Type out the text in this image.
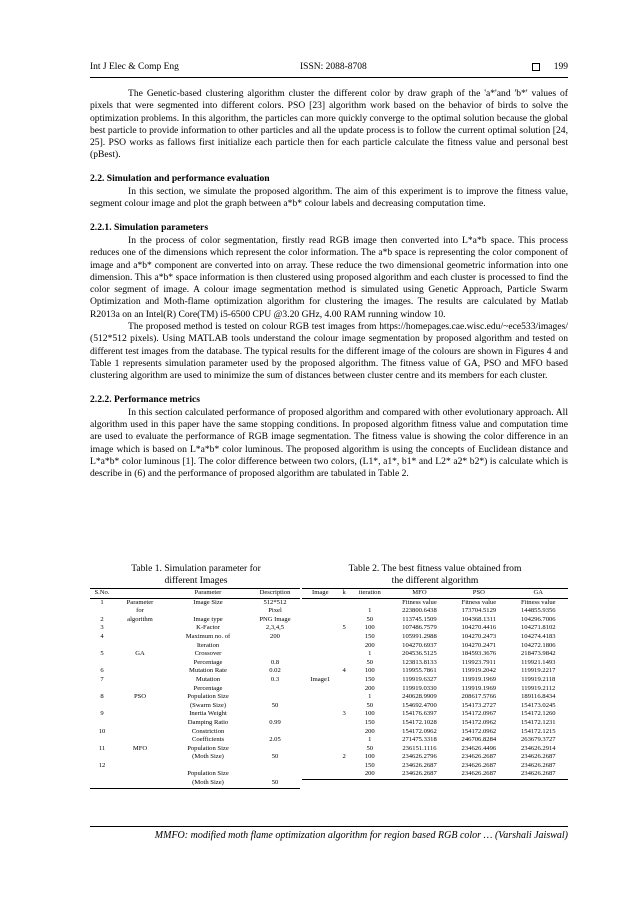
Int J Elec & Comp Eng	ISSN: 2088-8708	199

The Genetic-based clustering algorithm cluster the different color by draw graph of the 'a*'and 'b*' values of pixels that were segmented into different colors. PSO [23] algorithm work based on the behavior of birds to solve the optimization problems. In this algorithm, the particles can more quickly converge to the optimal solution because the global best particle to provide information to other particles and all the update process is to follow the current optimal solution [24, 25]. PSO works as fallows first initialize each particle then for each particle calculate the fitness value and personal best (pBest).

2.2. Simulation and performance evaluation

In this section, we simulate the proposed algorithm. The aim of this experiment is to improve the fitness value, segment colour image and plot the graph between a*b* colour labels and decreasing computation time.

2.2.1. Simulation parameters

In the process of color segmentation, firstly read RGB image then converted into L*a*b space. This process reduces one of the dimensions which represent the color information. The a*b space is representing the color component of image and a*b* component are converted into on array. These reduce the two dimensional geometric information into one dimension. This a*b* space information is then clustered using proposed algorithm and each cluster is processed to find the color segment of image. A colour image segmentation method is simulated using Genetic Approach, Particle Swarm Optimization and Moth-flame optimization algorithm for clustering the images. The results are calculated by Matlab R2013a on an Intel(R) Core(TM) i5-6500 CPU @3.20 GHz, 4.00 RAM running window 10.

The proposed method is tested on colour RGB test images from https://homepages.cae.wisc.edu/~ece533/images/ (512*512 pixels). Using MATLAB tools understand the colour image segmentation by proposed algorithm and tested on different test images from the database. The typical results for the different image of the colours are shown in Figures 4 and Table 1 represents simulation parameter used by the proposed algorithm. The fitness value of GA, PSO and MFO based clustering algorithm are used to minimize the sum of distances between cluster centre and its members for each cluster.

2.2.2. Performance metrics

In this section calculated performance of proposed algorithm and compared with other evolutionary approach. All algorithm used in this paper have the same stopping conditions. In proposed algorithm fitness value and computation time are used to evaluate the performance of RGB image segmentation. The fitness value is showing the color difference in an image which is based on L*a*b* color luminous. The proposed algorithm is using the concepts of Euclidean distance and L*a*b* color luminous [1]. The color difference between two colors, (L1*, a1*, b1* and L2* a2* b2*) is calculate which is describe in (6) and the performance of proposed algorithm are tabulated in Table 2.

Table 1. Simulation parameter for
different Images
Table 2. The best fitness value obtained from
the different algorithm
S.No.		Parameter	Description
1	Parameter	Image Size	512*512
	for		Pixel
2	algorithm	Image type	PNG Image
3		K-Factor	2,3,4,5
4		Maximum no. of	200
		Iteration	
5	GA	Crossover	
		Percentage	0.8
6		Mutation Rate	0.02
7		Mutation	0.3
		Percentage	
8	PSO	Population Size	
		(Swarm Size)	50
9		Inertia Weight	
		Damping Ratio	0.99
10		Constriction	
		Coefficients	2.05
11	MFO	Population Size	
		(Moth Size)	50
12			
		Population Size	
		(Moth Size)	50
Image	k	iteration	MFO	PSO	GA
			Fitness value	Fitness value	Fitness value
		1	223800.6438	173704.5129	144855.9356
		50	113745.1509	104368.1311	104296.7006
	5	100	107486.7579	104270.4416	104271.8102
		150	105991.2988	104270.2473	104274.4183
		200	104270.6937	104270.2471	104272.1806
		1	204536.5125	184593.3676	218473.9842
		50	123813.8133	119923.7911	119921.1493
	4	100	119955.7861	119919.2042	119919.2217
Image1		150	119919.6327	119919.1969	119919.2118
		200	119919.0330	119919.1969	119919.2112
		1	240628.9909	208617.5766	189116.8434
		50	154692.4700	154173.2727	154173.0245
	3	100	154176.6397	154172.0967	154172.1260
		150	154172.1028	154172.0962	154172.1231
		200	154172.0962	154172.0962	154172.1215
		1	271475.3318	246706.8284	263679.3727
		50	236151.1116	234626.4496	234626.2914
	2	100	234626.2796	234626.2687	234626.2687
		150	234626.2687	234626.2687	234626.2687
		200	234626.2687	234626.2687	234626.2687
MMFO: modified moth flame optimization algorithm for region based RGB color … (Varshali Jaiswal)
